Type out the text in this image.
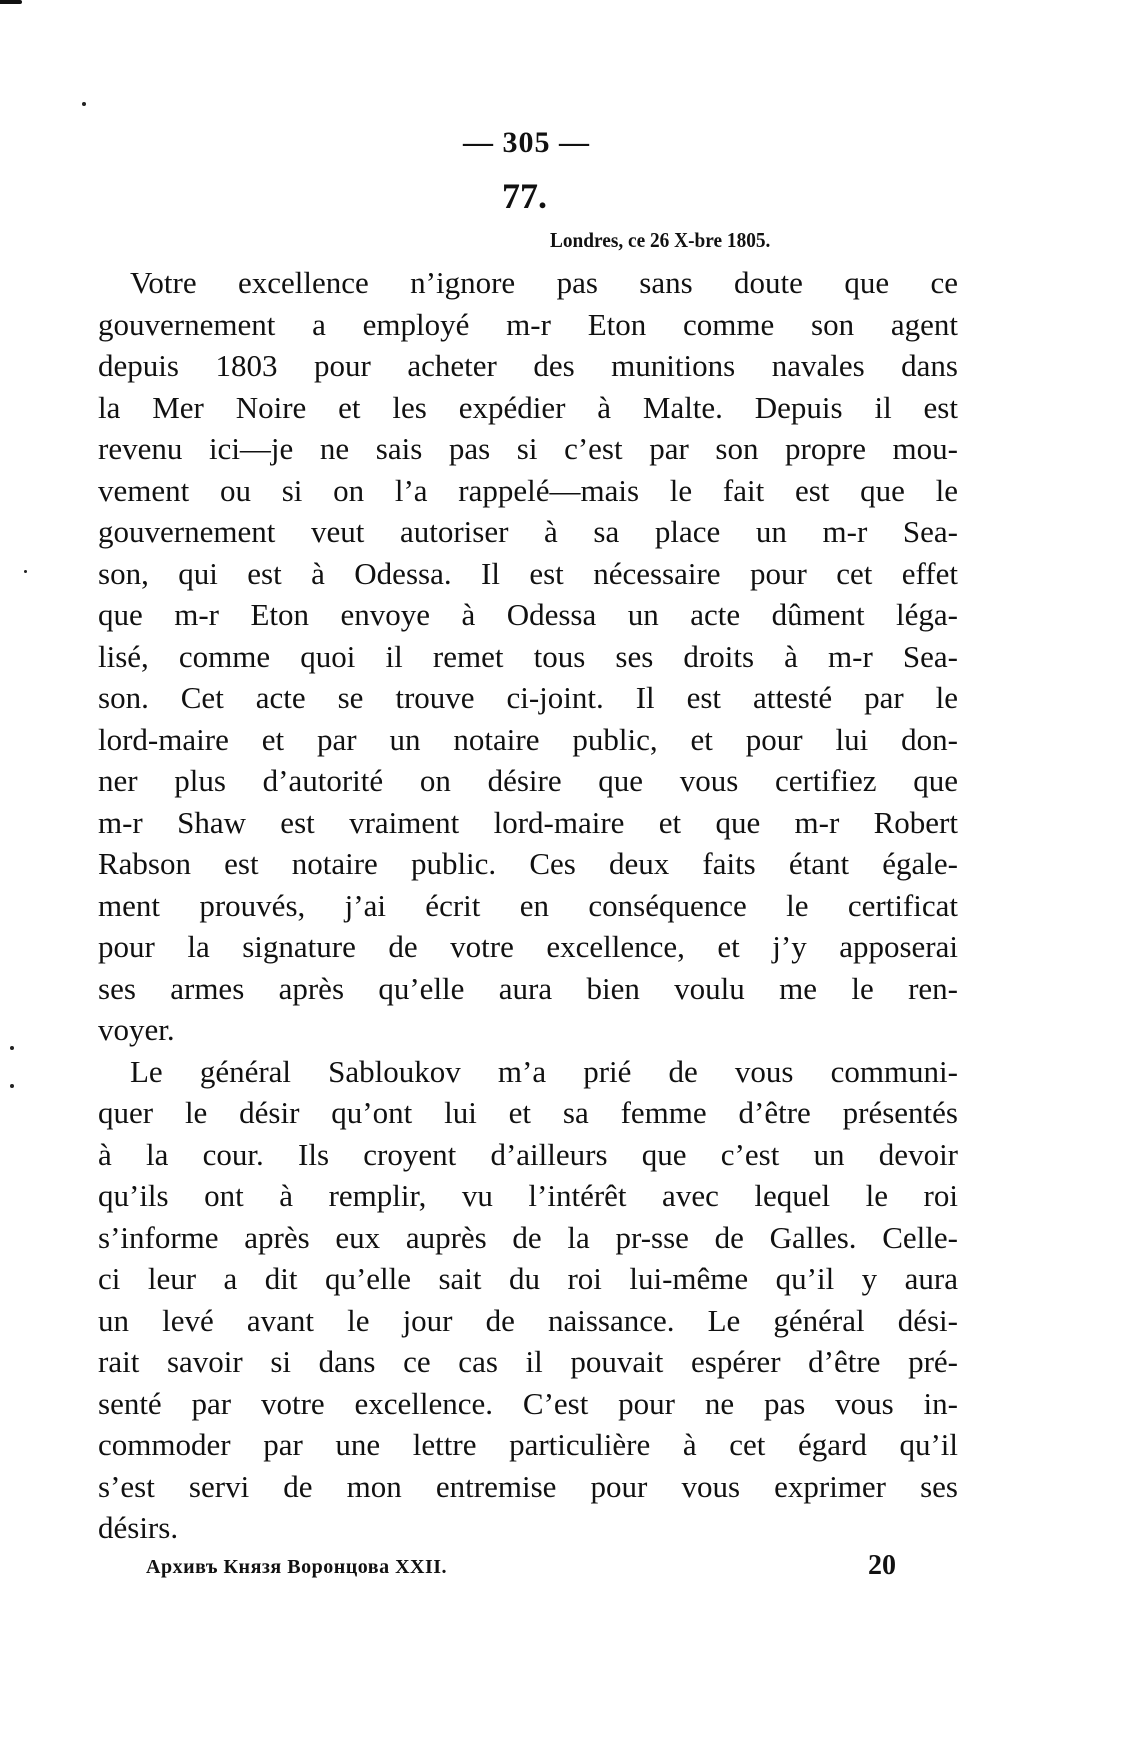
— 305 —
77.
Londres, ce 26 X-bre 1805.
Votre excellence n’ignore pas sans doute que ce
gouvernement a employé m-r Eton comme son agent
depuis 1803 pour acheter des munitions navales dans
la Mer Noire et les expédier à Malte. Depuis il est
revenu ici—je ne sais pas si c’est par son propre mou-
vement ou si on l’a rappelé—mais le fait est que le
gouvernement veut autoriser à sa place un m-r Sea-
son, qui est à Odessa. Il est nécessaire pour cet effet
que m-r Eton envoye à Odessa un acte dûment léga-
lisé, comme quoi il remet tous ses droits à m-r Sea-
son. Cet acte se trouve ci-joint. Il est attesté par le
lord-maire et par un notaire public, et pour lui don-
ner plus d’autorité on désire que vous certifiez que
m-r Shaw est vraiment lord-maire et que m-r Robert
Rabson est notaire public. Ces deux faits étant égale-
ment prouvés, j’ai écrit en conséquence le certificat
pour la signature de votre excellence, et j’y apposerai
ses armes après qu’elle aura bien voulu me le ren-
voyer.
Le général Sabloukov m’a prié de vous communi-
quer le désir qu’ont lui et sa femme d’être présentés
à la cour. Ils croyent d’ailleurs que c’est un devoir
qu’ils ont à remplir, vu l’intérêt avec lequel le roi
s’informe après eux auprès de la pr-sse de Galles. Celle-
ci leur a dit qu’elle sait du roi lui-même qu’il y aura
un levé avant le jour de naissance. Le général dési-
rait savoir si dans ce cas il pouvait espérer d’être pré-
senté par votre excellence. C’est pour ne pas vous in-
commoder par une lettre particulière à cet égard qu’il
s’est servi de mon entremise pour vous exprimer ses
désirs.
Архивъ Князя Воронцова XXII.	20
